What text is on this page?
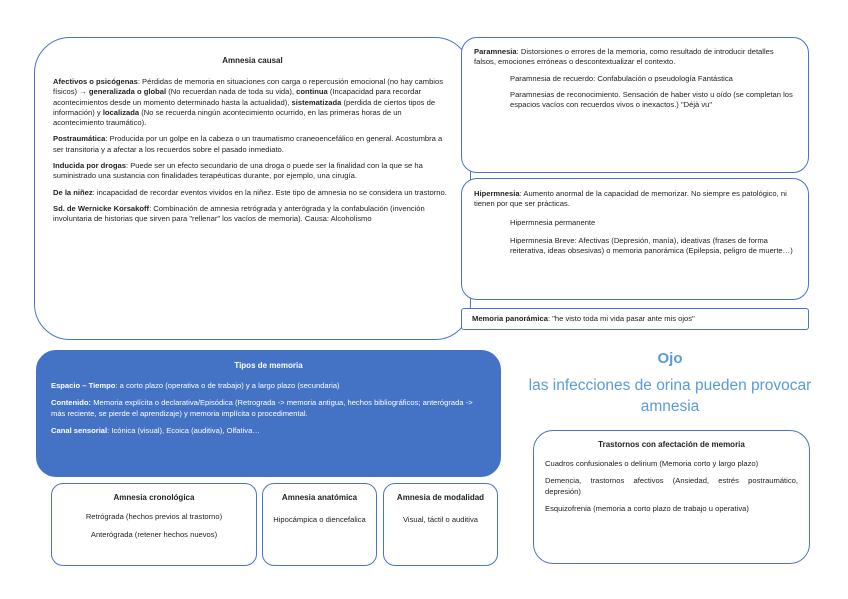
Amnesia causal

Afectivos o psicógenas: Pérdidas de memoria en situaciones con carga o repercusión emocional (no hay cambios físicos) → generalizada o global (No recuerdan nada de toda su vida), continua (Incapacidad para recordar acontecimientos desde un momento determinado hasta la actualidad), sistematizada (perdida de ciertos tipos de información) y localizada (No se recuerda ningún acontecimiento ocurrido, en las primeras horas de un acontecimiento traumático).

Postraumática: Producida por un golpe en la cabeza o un traumatismo craneoencefálico en general. Acostumbra a ser transitoria y a afectar a los recuerdos sobre el pasado inmediato.

Inducida por drogas: Puede ser un efecto secundario de una droga o puede ser la finalidad con la que se ha suministrado una sustancia con finalidades terapéuticas durante, por ejemplo, una cirugía.

De la niñez: incapacidad de recordar eventos vividos en la niñez. Este tipo de amnesia no se considera un trastorno.

Sd. de Wernicke Korsakoff: Combinación de amnesia retrógrada y anterógrada y la confabulación (invención involuntaria de historias que sirven para "rellenar" los vacíos de memoria). Causa: Alcoholismo

Paramnesia: Distorsiones o errores de la memoria, como resultado de introducir detalles falsos, emociones erróneas o descontextualizar el contexto.

Paramnesia de recuerdo: Confabulación o pseudología Fantástica

Paramnesias de reconocimiento. Sensación de haber visto u oído (se completan los espacios vacíos con recuerdos vivos o inexactos.) "Déjà vu"

Hipermnesia: Aumento anormal de la capacidad de memorizar. No siempre es patológico, ni tienen por que ser prácticas.

Hipermnesia permanente

Hipermnesia Breve: Afectivas (Depresión, manía), ideativas (frases de forma reiterativa, ideas obsesivas) o memoria panorámica (Epilepsia, peligro de muerte…)

Memoria panorámica: "he visto toda mi vida pasar ante mis ojos"
Tipos de memoria

Espacio – Tiempo: a corto plazo (operativa o de trabajo) y a largo plazo (secundaria)

Contenido: Memoria explícita o declarativa/Episódica (Retrograda -> memoria antigua, hechos bibliográficos; anterógrada -> más reciente, se pierde el aprendizaje) y memoria implícita o procedimental.

Canal sensorial: Icónica (visual), Ecoica (auditiva), Olfativa…

Amnesia cronológica

Retrógrada (hechos previos al trastorno)

Anterógrada (retener hechos nuevos)

Amnesia anatómica

Hipocámpica o diencefalica

Amnesia de modalidad

Visual, táctil o auditiva

Ojo
las infecciones de orina pueden provocar amnesia
Trastornos con afectación de memoria

Cuadros confusionales o delirium (Memoria corto y largo plazo)

Demencia, trastornos afectivos (Ansiedad, estrés postraumático, depresión)

Esquizofrenia (memoria a corto plazo de trabajo u operativa)
